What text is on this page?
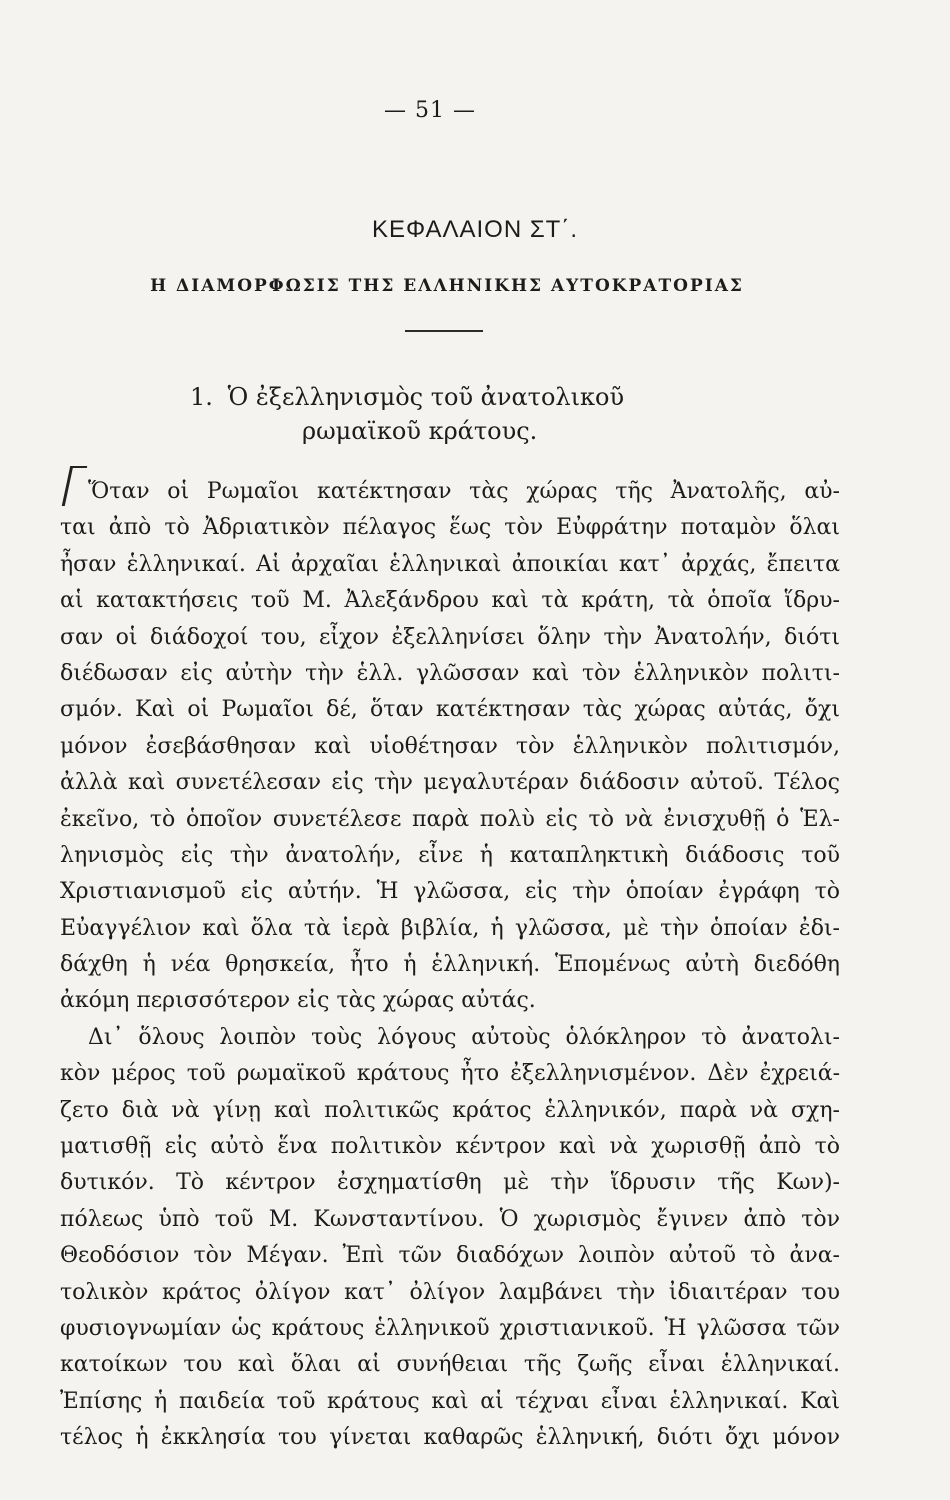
— 51 —
ΚΕΦΑΛΑΙΟΝ ΣΤ΄.
Η ΔΙΑΜΟΡΦΩΣΙΣ ΤΗΣ ΕΛΛΗΝΙΚΗΣ ΑΥΤΟΚΡΑΤΟΡΙΑΣ
1. Ὁ ἐξελληνισμὸς τοῦ ἀνατολικοῦ
ρωμαϊκοῦ κράτους.
Ὅταν οἱ Ρωμαῖοι κατέκτησαν τὰς χώρας τῆς Ἀνατολῆς, αὐ-
ται ἀπὸ τὸ Ἀδριατικὸν πέλαγος ἕως τὸν Εὐφράτην ποταμὸν ὅλαι
ἦσαν ἑλληνικαί. Αἱ ἀρχαῖαι ἑλληνικαὶ ἀποικίαι κατ᾽ ἀρχάς, ἔπειτα
αἱ κατακτήσεις τοῦ Μ. Ἀλεξάνδρου καὶ τὰ κράτη, τὰ ὁποῖα ἵδρυ-
σαν οἱ διάδοχοί του, εἶχον ἐξελληνίσει ὅλην τὴν Ἀνατολήν, διότι
διέδωσαν εἰς αὐτὴν τὴν ἑλλ. γλῶσσαν καὶ τὸν ἑλληνικὸν πολιτι-
σμόν. Καὶ οἱ Ρωμαῖοι δέ, ὅταν κατέκτησαν τὰς χώρας αὐτάς, ὄχι
μόνον ἐσεβάσθησαν καὶ υἱοθέτησαν τὸν ἑλληνικὸν πολιτισμόν,
ἀλλὰ καὶ συνετέλεσαν εἰς τὴν μεγαλυτέραν διάδοσιν αὐτοῦ. Τέλος
ἐκεῖνο, τὸ ὁποῖον συνετέλεσε παρὰ πολὺ εἰς τὸ νὰ ἐνισχυθῇ ὁ Ἑλ-
ληνισμὸς εἰς τὴν ἀνατολήν, εἶνε ἡ καταπληκτικὴ διάδοσις τοῦ
Χριστιανισμοῦ εἰς αὐτήν. Ἡ γλῶσσα, εἰς τὴν ὁποίαν ἐγράφη τὸ
Εὐαγγέλιον καὶ ὅλα τὰ ἱερὰ βιβλία, ἡ γλῶσσα, μὲ τὴν ὁποίαν ἐδι-
δάχθη ἡ νέα θρησκεία, ἦτο ἡ ἑλληνική. Ἑπομένως αὐτὴ διεδόθη
ἀκόμη περισσότερον εἰς τὰς χώρας αὐτάς.
Δι᾽ ὅλους λοιπὸν τοὺς λόγους αὐτοὺς ὁλόκληρον τὸ ἀνατολι-
κὸν μέρος τοῦ ρωμαϊκοῦ κράτους ἦτο ἐξελληνισμένον. Δὲν ἐχρειά-
ζετο διὰ νὰ γίνῃ καὶ πολιτικῶς κράτος ἑλληνικόν, παρὰ νὰ σχη-
ματισθῇ εἰς αὐτὸ ἕνα πολιτικὸν κέντρον καὶ νὰ χωρισθῇ ἀπὸ τὸ
δυτικόν. Τὸ κέντρον ἐσχηματίσθη μὲ τὴν ἵδρυσιν τῆς Κων)-
πόλεως ὑπὸ τοῦ Μ. Κωνσταντίνου. Ὁ χωρισμὸς ἔγινεν ἀπὸ τὸν
Θεοδόσιον τὸν Μέγαν. Ἐπὶ τῶν διαδόχων λοιπὸν αὐτοῦ τὸ ἀνα-
τολικὸν κράτος ὀλίγον κατ᾽ ὀλίγον λαμβάνει τὴν ἰδιαιτέραν του
φυσιογνωμίαν ὡς κράτους ἑλληνικοῦ χριστιανικοῦ. Ἡ γλῶσσα τῶν
κατοίκων του καὶ ὅλαι αἱ συνήθειαι τῆς ζωῆς εἶναι ἑλληνικαί.
Ἐπίσης ἡ παιδεία τοῦ κράτους καὶ αἱ τέχναι εἶναι ἑλληνικαί. Καὶ
τέλος ἡ ἐκκλησία του γίνεται καθαρῶς ἑλληνική, διότι ὄχι μόνον
